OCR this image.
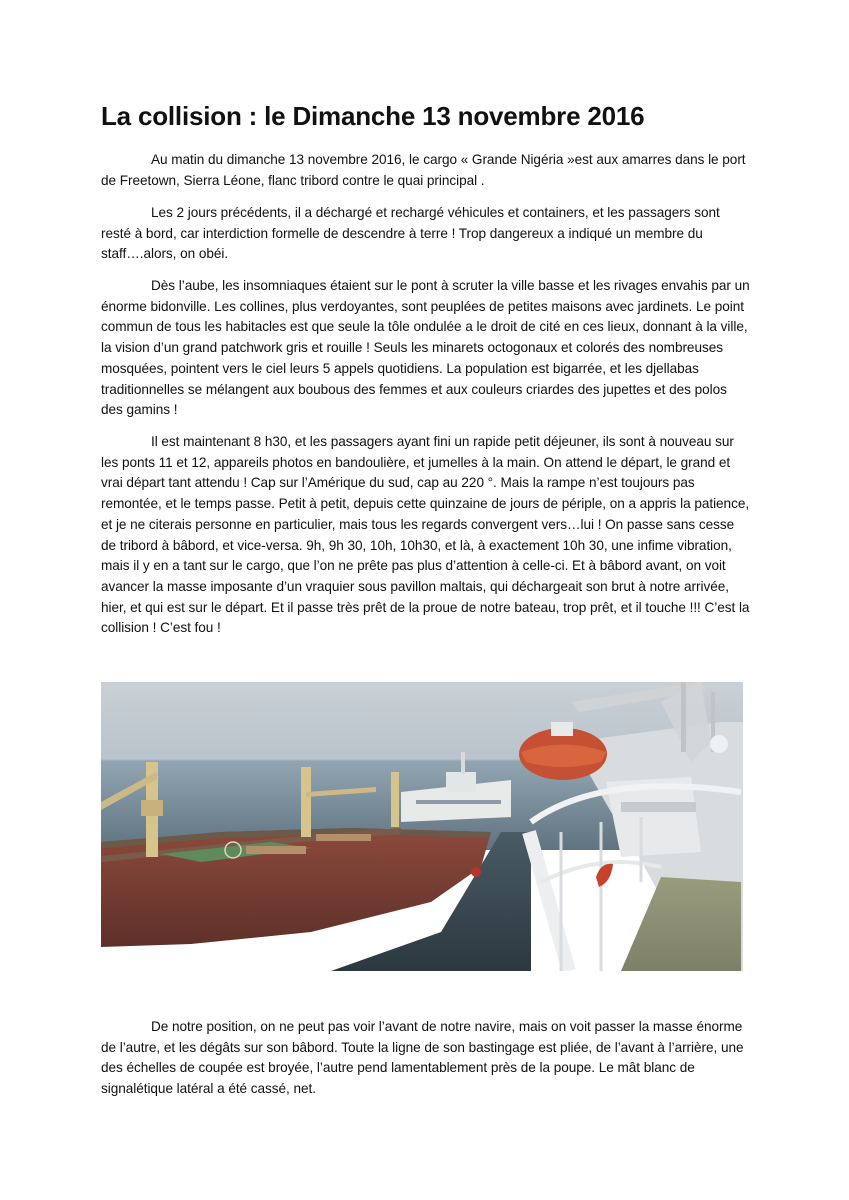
La collision : le Dimanche 13 novembre 2016

Au matin du dimanche 13 novembre 2016, le cargo « Grande Nigéria »est aux amarres dans le port de Freetown, Sierra Léone, flanc tribord contre le quai principal .

Les 2 jours précédents, il a déchargé et rechargé véhicules et containers, et les passagers sont resté à bord, car interdiction formelle de descendre à terre ! Trop dangereux a indiqué un membre du staff….alors, on obéi.

Dès l’aube, les insomniaques étaient sur le pont à scruter la ville basse et les rivages envahis par un énorme bidonville. Les collines, plus verdoyantes, sont peuplées de petites maisons avec jardinets. Le point commun de tous les habitacles est que seule la tôle ondulée a le droit de cité en ces lieux, donnant à la ville, la vision d’un grand patchwork gris et rouille ! Seuls les minarets octogonaux et colorés des nombreuses mosquées, pointent vers le ciel leurs 5 appels quotidiens. La population est bigarrée, et les djellabas traditionnelles se mélangent aux boubous des femmes et aux couleurs criardes des jupettes et des polos des gamins !

Il est maintenant 8 h30, et les passagers ayant fini un rapide petit déjeuner, ils sont à nouveau sur les ponts 11 et 12, appareils photos en bandoulière, et jumelles à la main. On attend le départ, le grand et vrai départ tant attendu ! Cap sur l’Amérique du sud, cap au 220 °. Mais la rampe n’est toujours pas remontée, et le temps passe. Petit à petit, depuis cette quinzaine de jours de périple, on a appris la patience, et je ne citerais personne en particulier, mais tous les regards convergent vers…lui ! On passe sans cesse de tribord à bâbord, et vice-versa. 9h, 9h 30, 10h, 10h30, et là, à exactement 10h 30, une infime vibration, mais il y en a tant sur le cargo, que l’on ne prête pas plus d’attention à celle-ci. Et à bâbord avant, on voit avancer la masse imposante d’un vraquier sous pavillon maltais, qui déchargeait son brut à notre arrivée, hier, et qui est sur le départ. Et il passe très prêt de la proue de notre bateau, trop prêt, et il touche !!! C’est la collision ! C’est fou !

De notre position, on ne peut pas voir l’avant de notre navire, mais on voit passer la masse énorme de l’autre, et les dégâts sur son bâbord. Toute la ligne de son bastingage est pliée, de l’avant à l’arrière, une des échelles de coupée est broyée, l’autre pend lamentablement près de la poupe. Le mât blanc de signalétique latéral a été cassé, net.
